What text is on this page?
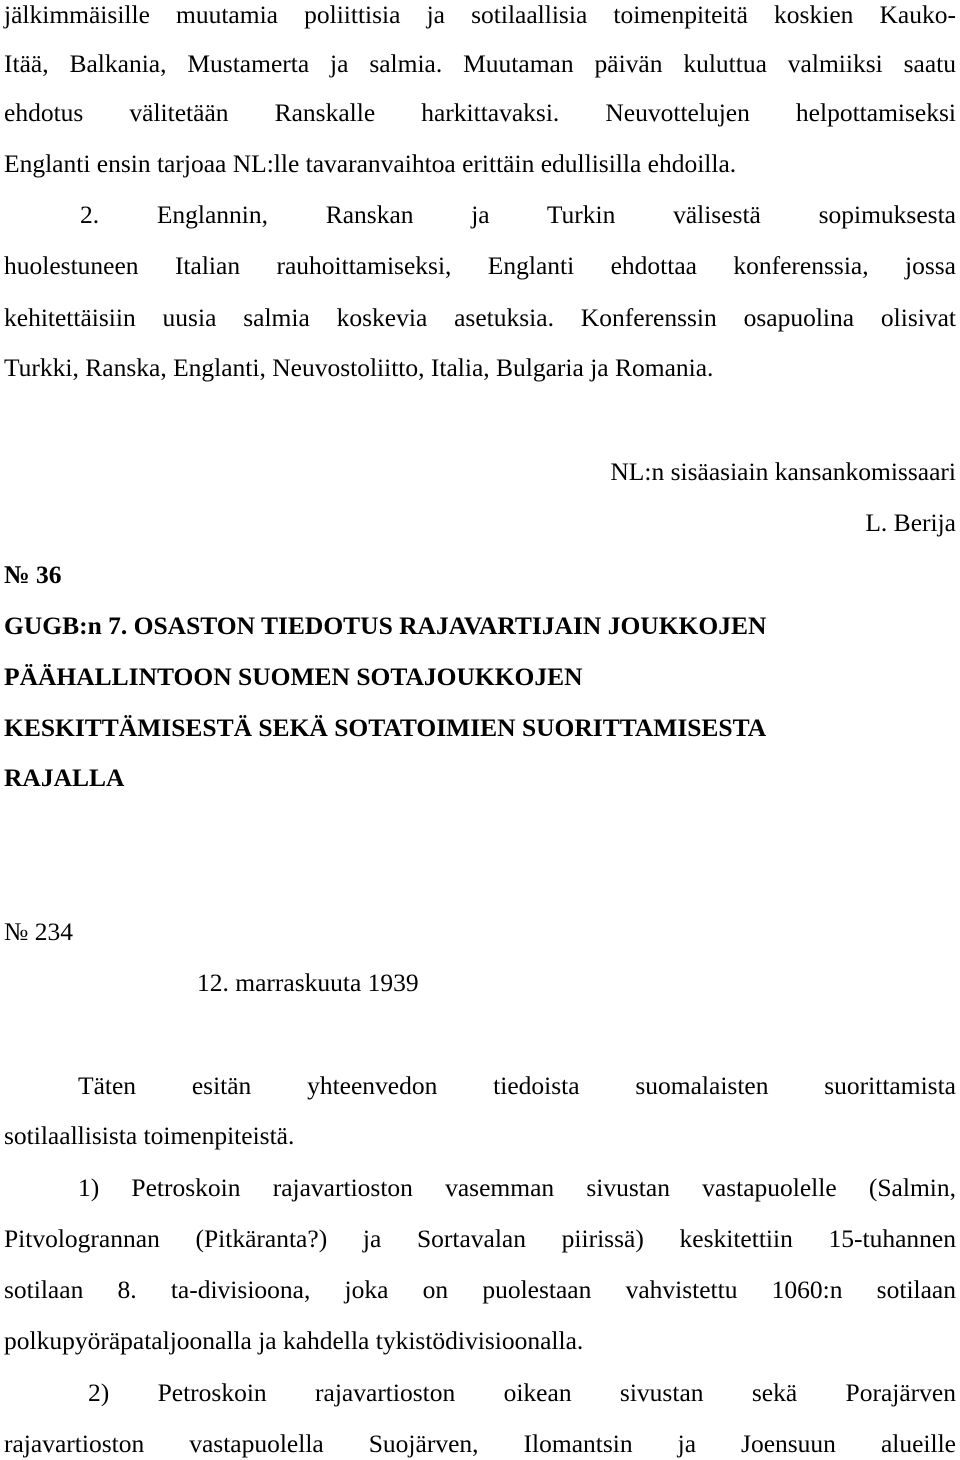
jälkimmäisille muutamia poliittisia ja sotilaallisia toimenpiteitä koskien Kauko-
Itää, Balkania, Mustamerta ja salmia. Muutaman päivän kuluttua valmiiksi saatu
ehdotus välitetään Ranskalle harkittavaksi. Neuvottelujen helpottamiseksi
Englanti ensin tarjoaa NL:lle tavaranvaihtoa erittäin edullisilla ehdoilla.
2. Englannin, Ranskan ja Turkin välisestä sopimuksesta
huolestuneen Italian rauhoittamiseksi, Englanti ehdottaa konferenssia, jossa
kehitettäisiin uusia salmia koskevia asetuksia. Konferenssin osapuolina olisivat
Turkki, Ranska, Englanti, Neuvostoliitto, Italia, Bulgaria ja Romania.
NL:n sisäasiain kansankomissaari
L. Berija
№ 36
GUGB:n 7. OSASTON TIEDOTUS RAJAVARTIJAIN JOUKKOJEN
PÄÄHALLINTOON SUOMEN SOTAJOUKKOJEN
KESKITTÄMISESTÄ SEKÄ SOTATOIMIEN SUORITTAMISESTA
RAJALLA
№ 234
12. marraskuuta 1939
Täten esitän yhteenvedon tiedoista suomalaisten suorittamista
sotilaallisista toimenpiteistä.
1) Petroskoin rajavartioston vasemman sivustan vastapuolelle (Salmin,
Pitvologrannan (Pitkäranta?) ja Sortavalan piirissä) keskitettiin 15-tuhannen
sotilaan 8. ta-divisioona, joka on puolestaan vahvistettu 1060:n sotilaan
polkupyöräpataljoonalla ja kahdella tykistödivisioonalla.
2) Petroskoin rajavartioston oikean sivustan sekä Porajärven
rajavartioston vastapuolella Suojärven, Ilomantsin ja Joensuun alueille
